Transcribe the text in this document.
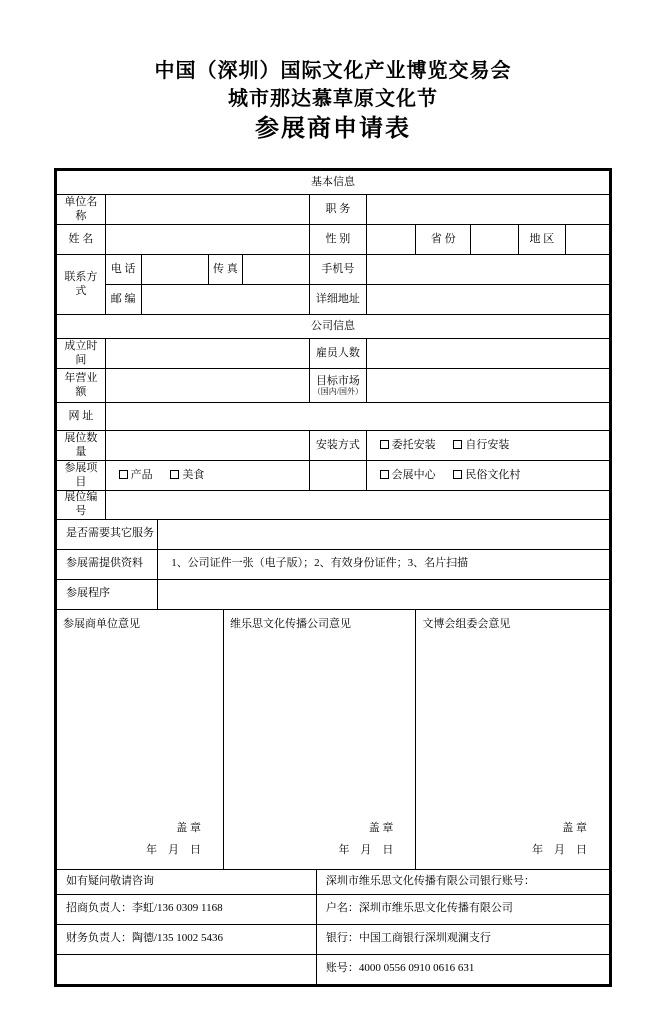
中国（深圳）国际文化产业博览交易会
城市那达慕草原文化节
参展商申请表
基本信息										
单位名称					职 务					
姓 名					性 别		省 份		地 区	
联系方式	电 话		传 真		手机号					
	邮 编				详细地址					
公司信息										
成立时间					雇员人数					
年营业额					目标市场
（国内/国外）					

网 址										
展位数量					安装方式	委托安装 自行安装				
参展项目	产品 美食					会展中心 民俗文化村				
展位编号										
是否需要其它服务	
参展需提供资料	1、公司证件一张（电子版）；2、有效身份证件；3、名片扫描
参展程序	
参展商单位意见
盖 章
年　月　日
	维乐思文化传播公司意见
盖 章
年　月　日
	文博会组委会意见
盖 章
年　月　日
如有疑问敬请咨询	深圳市维乐思文化传播有限公司银行账号：
招商负责人：李虹/136 0309 1168	户名：深圳市维乐思文化传播有限公司
财务负责人：陶德/135 1002 5436	银行：中国工商银行深圳观澜支行
	账号：4000 0556 0910 0616 631
